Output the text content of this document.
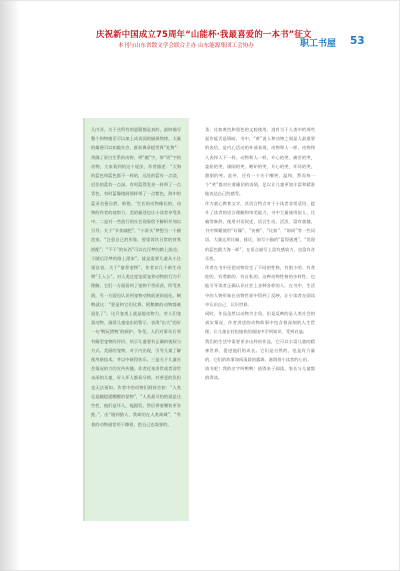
庆祝新中国成立75周年“山能杯·我最喜爱的一本书”征文
本刊与山东省散文学会联合主办 山东能源集团工会协办	职工书屋 53

几内亚。关于这所有的悬疑都是真的，最终描写整个和物植至可以加上成英国的描探物律。大量的属便可以知做社会，群获典章提世界“礼物”：列确了原白生系的动物，带“潮”字，带“贵”字的动物，大家看到的这个说法，作者描述：“大海的蓝色和蓝色都不一样的，远处的蓝有一点淡，近处的蓝有一点深，有时蓝得发亮一样带了一点青色，有时蓝像镜展那样带了一点紫色，海中的蓝采名曼自然、鲜艳、‘生长的动物像长的，动物的作者的观察力，美的描述也让小读者享受其中。二是对一些流行的社会现象给予解析并加以引导。关于“节食减肥”，“小哥头”梦想当一个模范家，“注意自己的形象，要重诉饮日常的营养搭配”；“不干”的东西“可以在浮梦的路上流动，于随后浮梦的路上漂来”。就是需要儿童从小注重仪表。关于“童养宠物”，作者以几个新生动物“王入公”，对人类过度宠爱宠养动物的行为不理解，它们一方面看到了宠物不劳而获，所受其润，另一方面也认识到宠物动物前途的退化。啊鸭就这：“要是和它们比赛，阿鹅鹅的动物都被退化了”。这只宠类上就是提动物力，对人们宠爱动物、溺爱儿童宠出的警示，表现“出大”的好一句‘鸭玩猪鸭’的顿护。争受，人们对事年后须有解型宠物的评价，培示儿童要有正确的视权与方式。美丽的宠物，对于内出现，引导儿童了解使用新技术，并以中新得快乐。三是关于儿童社会情况的力的宣传传播。作者近来涉世或者涉世未深的儿童，好人坏人都看分辨，对善恶的负担也无法预知。作者中的动物们群体会初：“人类总是翻提提醒醒的怪物”，“人类最可怕的就是这些性，他们是坏人，能跟发，然后带着腰装更有距。”，出”遇到猎人，我却的在人类离城”，“有着的动物通常用于撕着，把自己也需要的。

条，比如黄色和黑色的文胶使用，进有当于人类中的那些起作能否是情暗。书中，“黄”说人和动物之间是人最重要的表信，是内心活动的外部表现，动物和人一样，动物和人表和人不一样。动物和人一样，开心的笑，痛苦的笑，委屈的笑，刚刚的笑，嫉妒的笑，开心的笑，坏坏的笑，甜甜的笑。此外，还有一个关于嘲笑，温和，然而每一个“笑”都对应着确切的表情，足以让儿童更加丰富和精准地表达自己的感受。

作为童心教育文学，其语言特点对于小读者非常适用，提升了读者的语言理解和审美能力。书中大量使用拟人、比喻等修辞，使用对话叙述，语言生动、活泼，富有童趣。书中频繁使用“好像”、“仿佛”、“比如”、“如同”等一些词语，大量运用比喻、排比，如写小猫的“蓝得通透”，“发现的蓝色跟大海一样”，在语言描写上富有感染力，也富有音乐性。

作者在书中还把动物设定了不同的性格，有胆小的、有贪吃的、有勇敢的、有自私的。这种动物性格的多样性，也能引导读者正确认识社会上各种各样的人。在书中，生活中的人物形象在动物世界中得到了反映，让小读者在阅读中认识自己、认识世界。

同时，作品虽然以动物为主角，但是反映的是人类社会的真实情况，作者讲述的动物故事中包含着深刻的人生哲理，让儿童在轻松愉快的阅读中学到知识，受到启迪。

我们的生活中需要更多这样的作品，它可以丰富儿童的精神世界，促进他们的成长。它们是自然的，也是有力量的，它们的故事如同清晨的露珠，滋润着小读者的心田。

请书吧！我的名字叫鸭鸭！值得来子阅读，家长与儿童都值得读。
